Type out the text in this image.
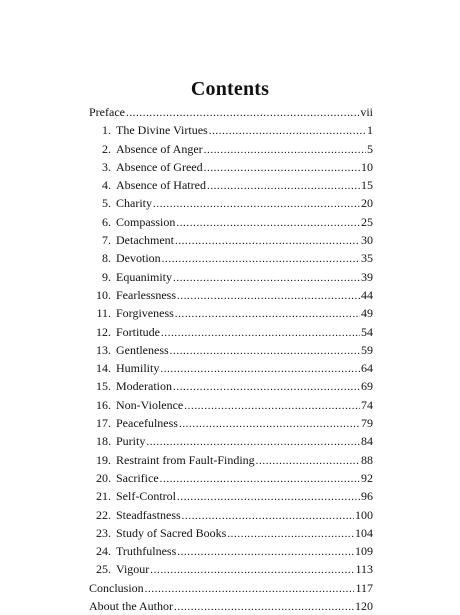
Contents
Preface .....	vii
1. The Divine Virtues .....	1
2. Absence of Anger .....	5
3. Absence of Greed .....	10
4. Absence of Hatred .....	15
5. Charity .....	20
6. Compassion .....	25
7. Detachment .....	30
8. Devotion .....	35
9. Equanimity .....	39
10. Fearlessness .....	44
11. Forgiveness .....	49
12. Fortitude .....	54
13. Gentleness .....	59
14. Humility .....	64
15. Moderation .....	69
16. Non-Violence .....	74
17. Peacefulness .....	79
18. Purity .....	84
19. Restraint from Fault-Finding .....	88
20. Sacrifice .....	92
21. Self-Control .....	96
22. Steadfastness .....	100
23. Study of Sacred Books .....	104
24. Truthfulness .....	109
25. Vigour .....	113
Conclusion .....	117
About the Author .....	120
